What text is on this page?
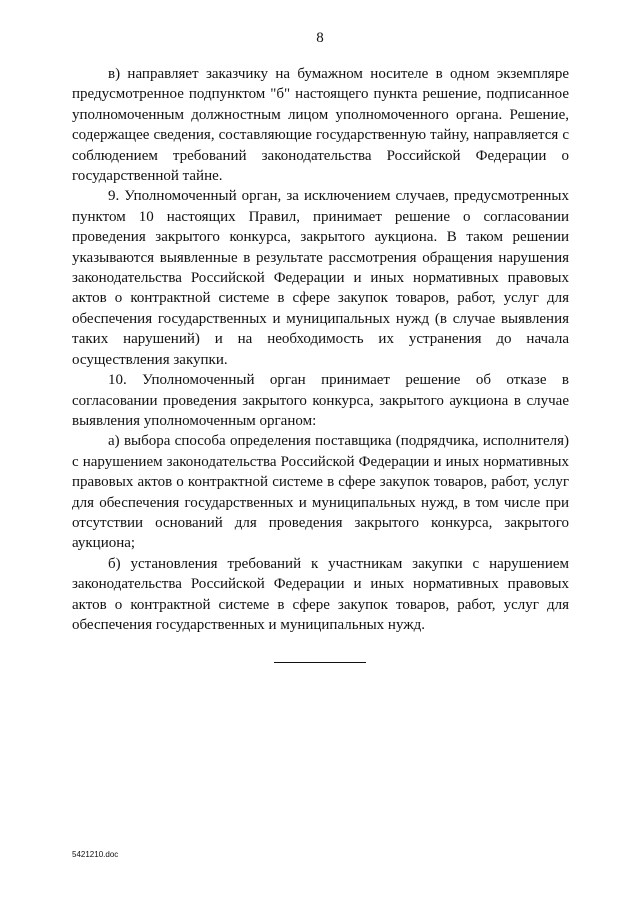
8

в) направляет заказчику на бумажном носителе в одном экземпляре предусмотренное подпунктом "б" настоящего пункта решение, подписанное уполномоченным должностным лицом уполномоченного органа. Решение, содержащее сведения, составляющие государственную тайну, направляется с соблюдением требований законодательства Российской Федерации о государственной тайне.

9. Уполномоченный орган, за исключением случаев, предусмотренных пунктом 10 настоящих Правил, принимает решение о согласовании проведения закрытого конкурса, закрытого аукциона. В таком решении указываются выявленные в результате рассмотрения обращения нарушения законодательства Российской Федерации и иных нормативных правовых актов о контрактной системе в сфере закупок товаров, работ, услуг для обеспечения государственных и муниципальных нужд (в случае выявления таких нарушений) и на необходимость их устранения до начала осуществления закупки.

10. Уполномоченный орган принимает решение об отказе в согласовании проведения закрытого конкурса, закрытого аукциона в случае выявления уполномоченным органом:

а) выбора способа определения поставщика (подрядчика, исполнителя) с нарушением законодательства Российской Федерации и иных нормативных правовых актов о контрактной системе в сфере закупок товаров, работ, услуг для обеспечения государственных и муниципальных нужд, в том числе при отсутствии оснований для проведения закрытого конкурса, закрытого аукциона;

б) установления требований к участникам закупки с нарушением законодательства Российской Федерации и иных нормативных правовых актов о контрактной системе в сфере закупок товаров, работ, услуг для обеспечения государственных и муниципальных нужд.

5421210.doc
